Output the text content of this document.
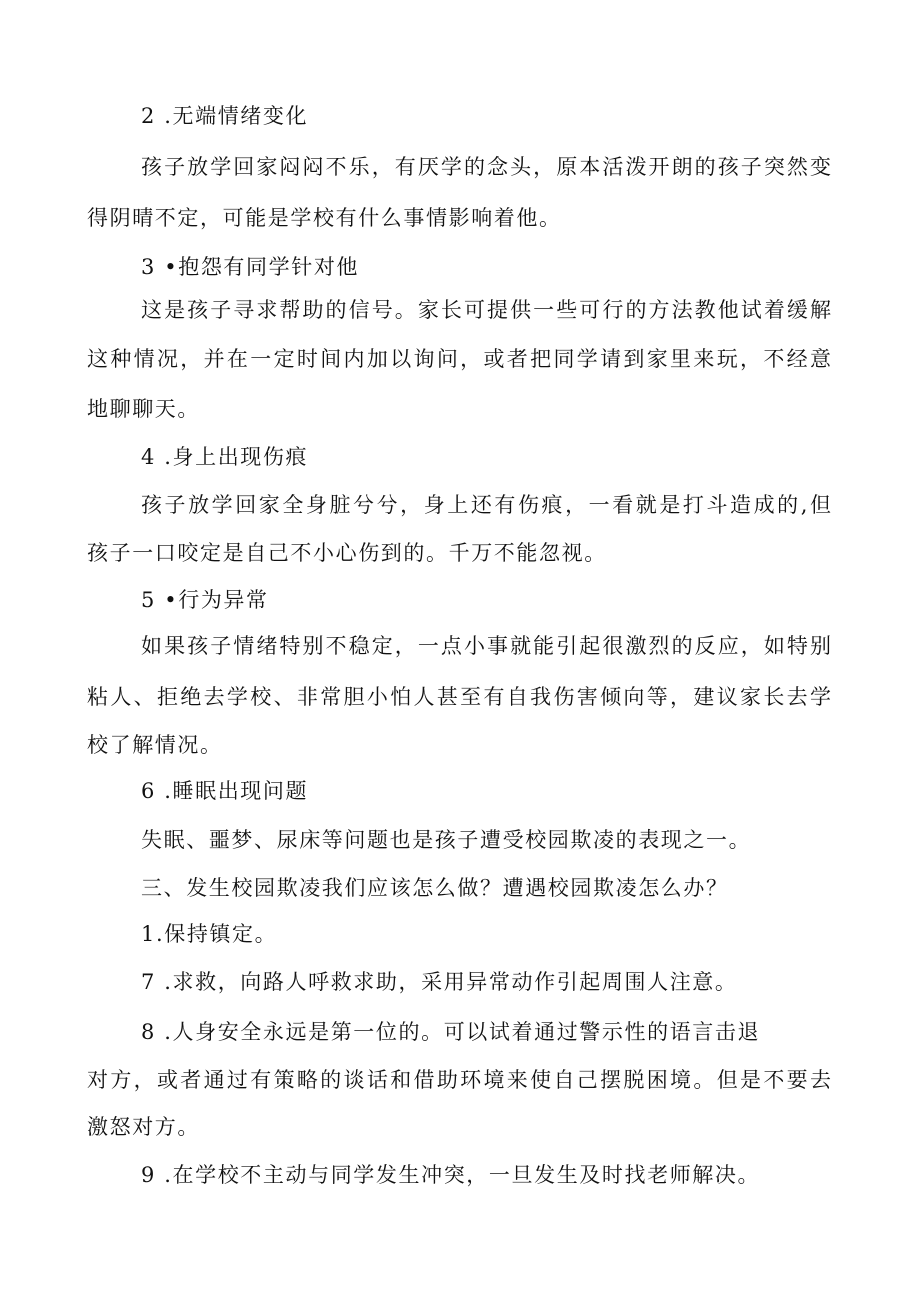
2 .无端情绪变化
孩子放学回家闷闷不乐，有厌学的念头，原本活泼开朗的孩子突然变
得阴晴不定，可能是学校有什么事情影响着他。
3 •抱怨有同学针对他
这是孩子寻求帮助的信号。家长可提供一些可行的方法教他试着缓解
这种情况，并在一定时间内加以询问，或者把同学请到家里来玩，不经意
地聊聊天。
4 .身上出现伤痕
孩子放学回家全身脏兮兮，身上还有伤痕，一看就是打斗造成的,但
孩子一口咬定是自己不小心伤到的。千万不能忽视。
5 •行为异常
如果孩子情绪特别不稳定，一点小事就能引起很激烈的反应，如特别
粘人、拒绝去学校、非常胆小怕人甚至有自我伤害倾向等，建议家长去学
校了解情况。
6 .睡眠出现问题
失眠、噩梦、尿床等问题也是孩子遭受校园欺凌的表现之一。
三、发生校园欺凌我们应该怎么做？遭遇校园欺凌怎么办？
1.保持镇定。
7 .求救，向路人呼救求助，采用异常动作引起周围人注意。
8 .人身安全永远是第一位的。可以试着通过警示性的语言击退
对方，或者通过有策略的谈话和借助环境来使自己摆脱困境。但是不要去
激怒对方。
9 .在学校不主动与同学发生冲突，一旦发生及时找老师解决。
